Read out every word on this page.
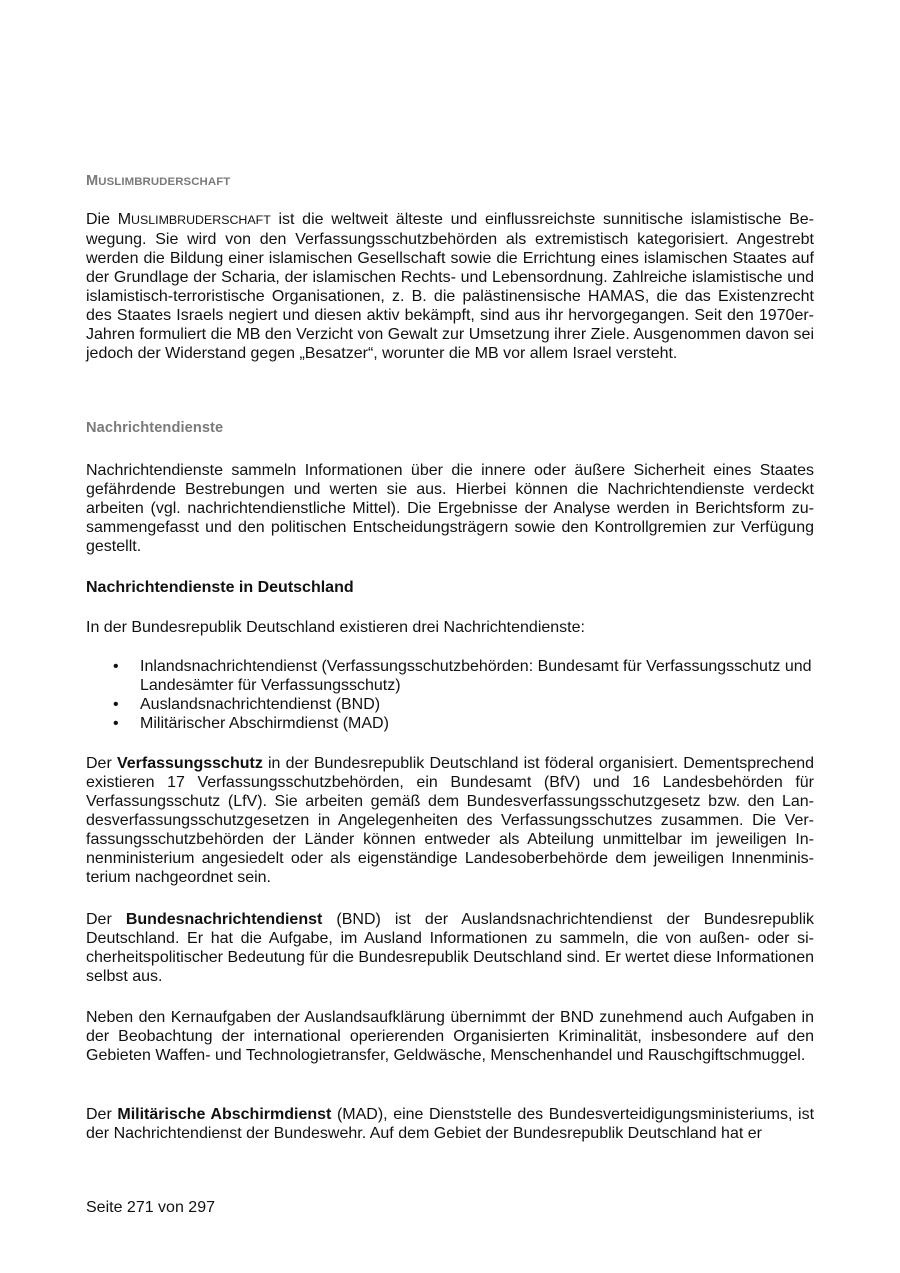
MUSLIMBRUDERSCHAFT

Die MUSLIMBRUDERSCHAFT ist die weltweit älteste und einflussreichste sunnitische islamistische Bewegung. Sie wird von den Verfassungsschutzbehörden als extremistisch kategorisiert. Angestrebt werden die Bildung einer islamischen Gesellschaft sowie die Errichtung eines islamischen Staates auf der Grundlage der Scharia, der islamischen Rechts- und Lebensordnung. Zahlreiche islamistische und islamistisch-terroristische Organisationen, z. B. die palästinensische HAMAS, die das Existenzrecht des Staates Israels negiert und diesen aktiv bekämpft, sind aus ihr hervorgegangen. Seit den 1970er-Jahren formuliert die MB den Verzicht von Gewalt zur Umsetzung ihrer Ziele. Ausgenommen davon sei jedoch der Widerstand gegen „Besatzer“, worunter die MB vor allem Israel versteht.

Nachrichtendienste

Nachrichtendienste sammeln Informationen über die innere oder äußere Sicherheit eines Staates gefährdende Bestrebungen und werten sie aus. Hierbei können die Nachrichtendienste verdeckt arbeiten (vgl. nachrichtendienstliche Mittel). Die Ergebnisse der Analyse werden in Berichtsform zusammengefasst und den politischen Entscheidungsträgern sowie den Kontrollgremien zur Verfügung gestellt.

Nachrichtendienste in Deutschland

In der Bundesrepublik Deutschland existieren drei Nachrichtendienste:

• Inlandsnachrichtendienst (Verfassungsschutzbehörden: Bundesamt für Verfassungsschutz und Landesämter für Verfassungsschutz)
• Auslandsnachrichtendienst (BND)
• Militärischer Abschirmdienst (MAD)

Der Verfassungsschutz in der Bundesrepublik Deutschland ist föderal organisiert. Dementsprechend existieren 17 Verfassungsschutzbehörden, ein Bundesamt (BfV) und 16 Landesbehörden für Verfassungsschutz (LfV). Sie arbeiten gemäß dem Bundesverfassungsschutzgesetz bzw. den Landesverfassungsschutzgesetzen in Angelegenheiten des Verfassungsschutzes zusammen. Die Verfassungsschutzbehörden der Länder können entweder als Abteilung unmittelbar im jeweiligen Innenministerium angesiedelt oder als eigenständige Landesoberbehörde dem jeweiligen Innenministerium nachgeordnet sein.

Der Bundesnachrichtendienst (BND) ist der Auslandsnachrichtendienst der Bundesrepublik Deutschland. Er hat die Aufgabe, im Ausland Informationen zu sammeln, die von außen- oder sicherheitspolitischer Bedeutung für die Bundesrepublik Deutschland sind. Er wertet diese Informationen selbst aus.

Neben den Kernaufgaben der Auslandsaufklärung übernimmt der BND zunehmend auch Aufgaben in der Beobachtung der international operierenden Organisierten Kriminalität, insbesondere auf den Gebieten Waffen- und Technologietransfer, Geldwäsche, Menschenhandel und Rauschgiftschmuggel.

Der Militärische Abschirmdienst (MAD), eine Dienststelle des Bundesverteidigungsministeriums, ist der Nachrichtendienst der Bundeswehr. Auf dem Gebiet der Bundesrepublik Deutschland hat er

Seite 271 von 297
